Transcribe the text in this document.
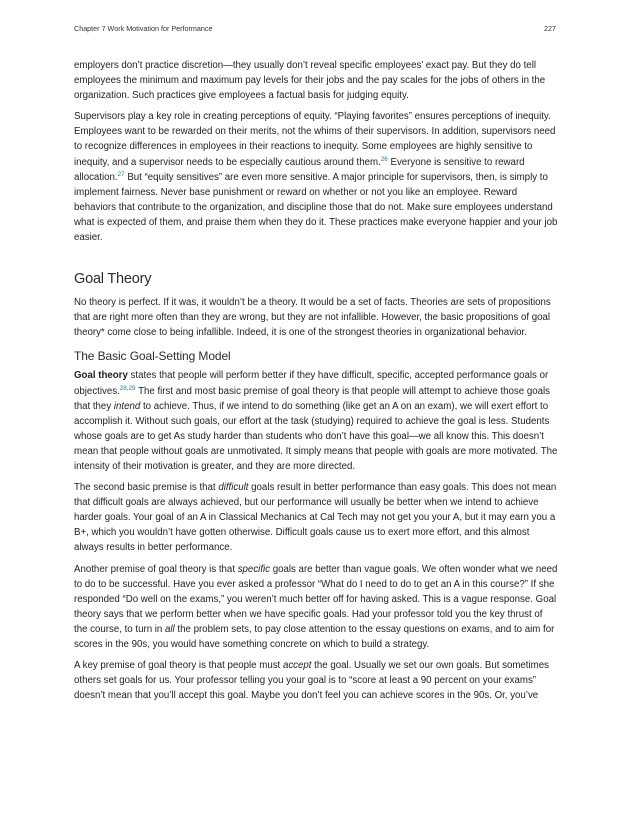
Chapter 7 Work Motivation for Performance	227

employers don’t practice discretion—they usually don’t reveal specific employees’ exact pay. But they do tell employees the minimum and maximum pay levels for their jobs and the pay scales for the jobs of others in the organization. Such practices give employees a factual basis for judging equity.

Supervisors play a key role in creating perceptions of equity. “Playing favorites” ensures perceptions of inequity. Employees want to be rewarded on their merits, not the whims of their supervisors. In addition, supervisors need to recognize differences in employees in their reactions to inequity. Some employees are highly sensitive to inequity, and a supervisor needs to be especially cautious around them.$^{26}$ Everyone is sensitive to reward allocation.$^{27}$ But “equity sensitives” are even more sensitive. A major principle for supervisors, then, is simply to implement fairness. Never base punishment or reward on whether or not you like an employee. Reward behaviors that contribute to the organization, and discipline those that do not. Make sure employees understand what is expected of them, and praise them when they do it. These practices make everyone happier and your job easier.

Goal Theory

No theory is perfect. If it was, it wouldn’t be a theory. It would be a set of facts. Theories are sets of propositions that are right more often than they are wrong, but they are not infallible. However, the basic propositions of goal theory* come close to being infallible. Indeed, it is one of the strongest theories in organizational behavior.

The Basic Goal-Setting Model

Goal theory states that people will perform better if they have difficult, specific, accepted performance goals or objectives.$^{28,29}$ The first and most basic premise of goal theory is that people will attempt to achieve those goals that they intend to achieve. Thus, if we intend to do something (like get an A on an exam), we will exert effort to accomplish it. Without such goals, our effort at the task (studying) required to achieve the goal is less. Students whose goals are to get As study harder than students who don’t have this goal—we all know this. This doesn’t mean that people without goals are unmotivated. It simply means that people with goals are more motivated. The intensity of their motivation is greater, and they are more directed.

The second basic premise is that difficult goals result in better performance than easy goals. This does not mean that difficult goals are always achieved, but our performance will usually be better when we intend to achieve harder goals. Your goal of an A in Classical Mechanics at Cal Tech may not get you your A, but it may earn you a B+, which you wouldn’t have gotten otherwise. Difficult goals cause us to exert more effort, and this almost always results in better performance.

Another premise of goal theory is that specific goals are better than vague goals. We often wonder what we need to do to be successful. Have you ever asked a professor “What do I need to do to get an A in this course?” If she responded “Do well on the exams,” you weren’t much better off for having asked. This is a vague response. Goal theory says that we perform better when we have specific goals. Had your professor told you the key thrust of the course, to turn in all the problem sets, to pay close attention to the essay questions on exams, and to aim for scores in the 90s, you would have something concrete on which to build a strategy.

A key premise of goal theory is that people must accept the goal. Usually we set our own goals. But sometimes others set goals for us. Your professor telling you your goal is to “score at least a 90 percent on your exams” doesn’t mean that you’ll accept this goal. Maybe you don’t feel you can achieve scores in the 90s. Or, you’ve
